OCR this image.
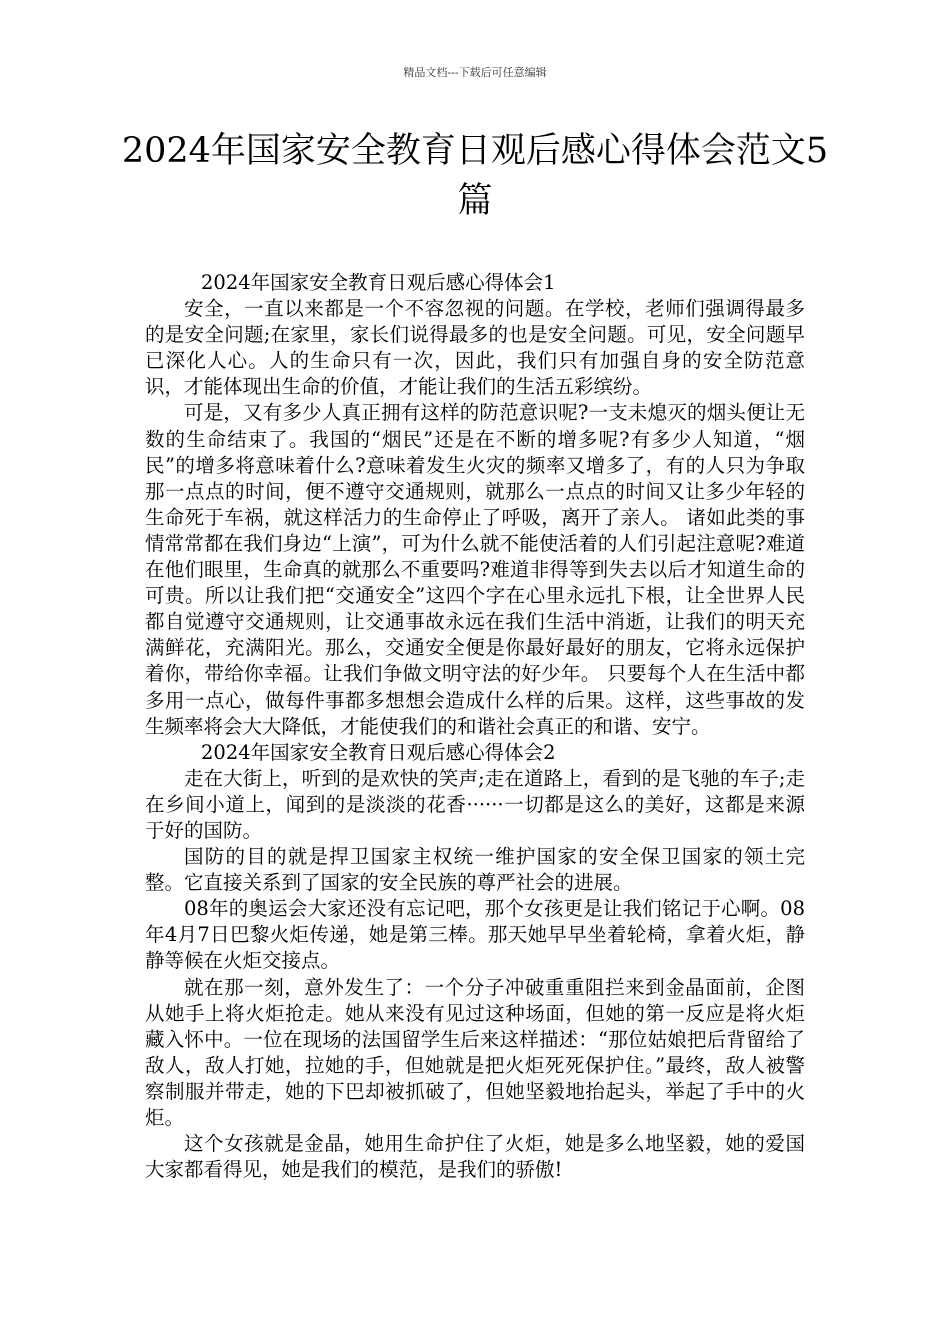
精品文档---下载后可任意编辑
2024年国家安全教育日观后感心得体会范文5篇

2024年国家安全教育日观后感心得体会1

安全，一直以来都是一个不容忽视的问题。在学校，老师们强调得最多的是安全问题;在家里，家长们说得最多的也是安全问题。可见，安全问题早已深化人心。人的生命只有一次，因此，我们只有加强自身的安全防范意识，才能体现出生命的价值，才能让我们的生活五彩缤纷。

可是，又有多少人真正拥有这样的防范意识呢?一支未熄灭的烟头便让无数的生命结束了。我国的“烟民”还是在不断的增多呢?有多少人知道，“烟民”的增多将意味着什么?意味着发生火灾的频率又增多了，有的人只为争取那一点点的时间，便不遵守交通规则，就那么一点点的时间又让多少年轻的生命死于车祸，就这样活力的生命停止了呼吸，离开了亲人。 诸如此类的事情常常都在我们身边“上演”，可为什么就不能使活着的人们引起注意呢?难道在他们眼里，生命真的就那么不重要吗?难道非得等到失去以后才知道生命的可贵。所以让我们把“交通安全”这四个字在心里永远扎下根，让全世界人民都自觉遵守交通规则，让交通事故永远在我们生活中消逝，让我们的明天充满鲜花，充满阳光。那么，交通安全便是你最好最好的朋友，它将永远保护着你，带给你幸福。让我们争做文明守法的好少年。 只要每个人在生活中都多用一点心，做每件事都多想想会造成什么样的后果。这样，这些事故的发生频率将会大大降低，才能使我们的和谐社会真正的和谐、安宁。

2024年国家安全教育日观后感心得体会2

走在大街上，听到的是欢快的笑声;走在道路上，看到的是飞驰的车子;走在乡间小道上，闻到的是淡淡的花香······一切都是这么的美好，这都是来源于好的国防。

国防的目的就是捍卫国家主权统一维护国家的安全保卫国家的领土完整。它直接关系到了国家的安全民族的尊严社会的进展。

08年的奥运会大家还没有忘记吧，那个女孩更是让我们铭记于心啊。08年4月7日巴黎火炬传递，她是第三棒。那天她早早坐着轮椅，拿着火炬，静静等候在火炬交接点。

就在那一刻，意外发生了：一个分子冲破重重阻拦来到金晶面前，企图从她手上将火炬抢走。她从来没有见过这种场面，但她的第一反应是将火炬藏入怀中。一位在现场的法国留学生后来这样描述：“那位姑娘把后背留给了敌人，敌人打她，拉她的手，但她就是把火炬死死保护住。”最终，敌人被警察制服并带走，她的下巴却被抓破了，但她坚毅地抬起头，举起了手中的火炬。

这个女孩就是金晶，她用生命护住了火炬，她是多么地坚毅，她的爱国大家都看得见，她是我们的模范，是我们的骄傲!
